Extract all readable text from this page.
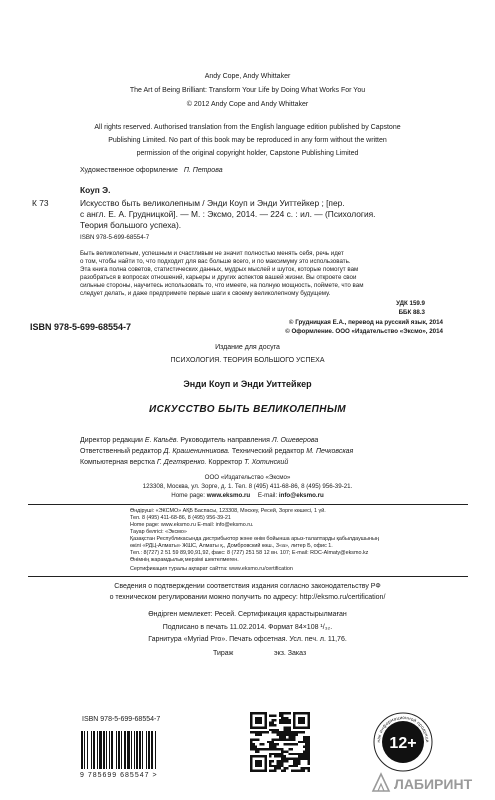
Andy Cope, Andy Whittaker
The Art of Being Brilliant: Transform Your Life by Doing What Works For You
© 2012 Andy Cope and Andy Whittaker
All rights reserved. Authorised translation from the English language edition published by Capstone
Publishing Limited. No part of this book may be reproduced in any form without the written
permission of the original copyright holder, Capstone Publishing Limited
Художественное оформление П. Петрова
Коуп Э.
К 73	Искусство быть великолепным / Энди Коуп и Энди Уиттейкер ; [пер.
с англ. Е. А. Грудницкой]. — М. : Эксмо, 2014. — 224 с. : ил. — (Психология.
Теория большого успеха).
ISBN 978-5-699-68554-7
Быть великолепным, успешным и счастливым не значит полностью менять себя, речь идет
о том, чтобы найти то, что подходит для вас больше всего, и по максимуму это использовать.
Эта книга полна советов, статистических данных, мудрых мыслей и шуток, которые помогут вам
разобраться в вопросах отношений, карьеры и других аспектов вашей жизни. Вы откроете свои
сильные стороны, научитесь использовать то, что имеете, на полную мощность, поймете, что вам
следует делать, и даже предпримете первые шаги к своему великолепному будущему.
УДК 159.9
ББК 88.3
ISBN 978-5-699-68554-7	© Грудницкая Е.А., перевод на русский язык, 2014
© Оформление. ООО «Издательство «Эксмо», 2014
Издание для досуга
ПСИХОЛОГИЯ. ТЕОРИЯ БОЛЬШОГО УСПЕХА
Энди Коуп и Энди Уиттейкер
ИСКУССТВО БЫТЬ ВЕЛИКОЛЕПНЫМ
Директор редакции Е. Капьёв. Руководитель направления Л. Ошеверова
Ответственный редактор Д. Крашенинникова. Технический редактор М. Печковская
Компьютерная верстка Г. Дегтяренко. Корректор Т. Хотинский
ООО «Издательство «Эксмо»
123308, Москва, ул. Зорге, д. 1. Тел. 8 (495) 411-68-86, 8 (495) 956-39-21.
Home page: www.eksmo.ru E-mail: info@eksmo.ru
Өндіруші: «ЭКСМО» АҚБ Баспасы, 123308, Мәскеу, Ресей, Зорге көшесі, 1 үй.
Тел. 8 (495) 411-68-86, 8 (495) 956-39-21
Home page: www.eksmo.ru E-mail: info@eksmo.ru.
Тауар белгісі: «Эксмо»
Қазақстан Республикасында дистрибьютор және өнім бойынша арыз-талаптарды қабылдаушының
өкілі «РДЦ-Алматы» ЖШС, Алматы қ., Домбровский көш., 3«а», литер Б, офис 1.
Тел.: 8(727) 2 51 59 89,90,91,92, факс: 8 (727) 251 58 12 вн. 107; E-mail: RDC-Almaty@eksmo.kz
Өнімнің жарамдылық мерзімі шектелмеген.
Сертификация туралы ақпарат сайтта: www.eksmo.ru/certification
Сведения о подтверждении соответствия издания согласно законодательству РФ
о техническом регулировании можно получить по адресу: http://eksmo.ru/certification/
Өндірген мемлекет: Ресей. Сертификация қарастырылмаған
Подписано в печать 11.02.2014. Формат 84×108 ¹/₃₂.
Гарнитура «Myriad Pro». Печать офсетная. Усл. печ. л. 11,76.
Тираж	экз. Заказ
ISBN 978-5-699-68554-7
9 785699 685547 >
нак информационной продукци
12+
ЛАБИРИНТ
